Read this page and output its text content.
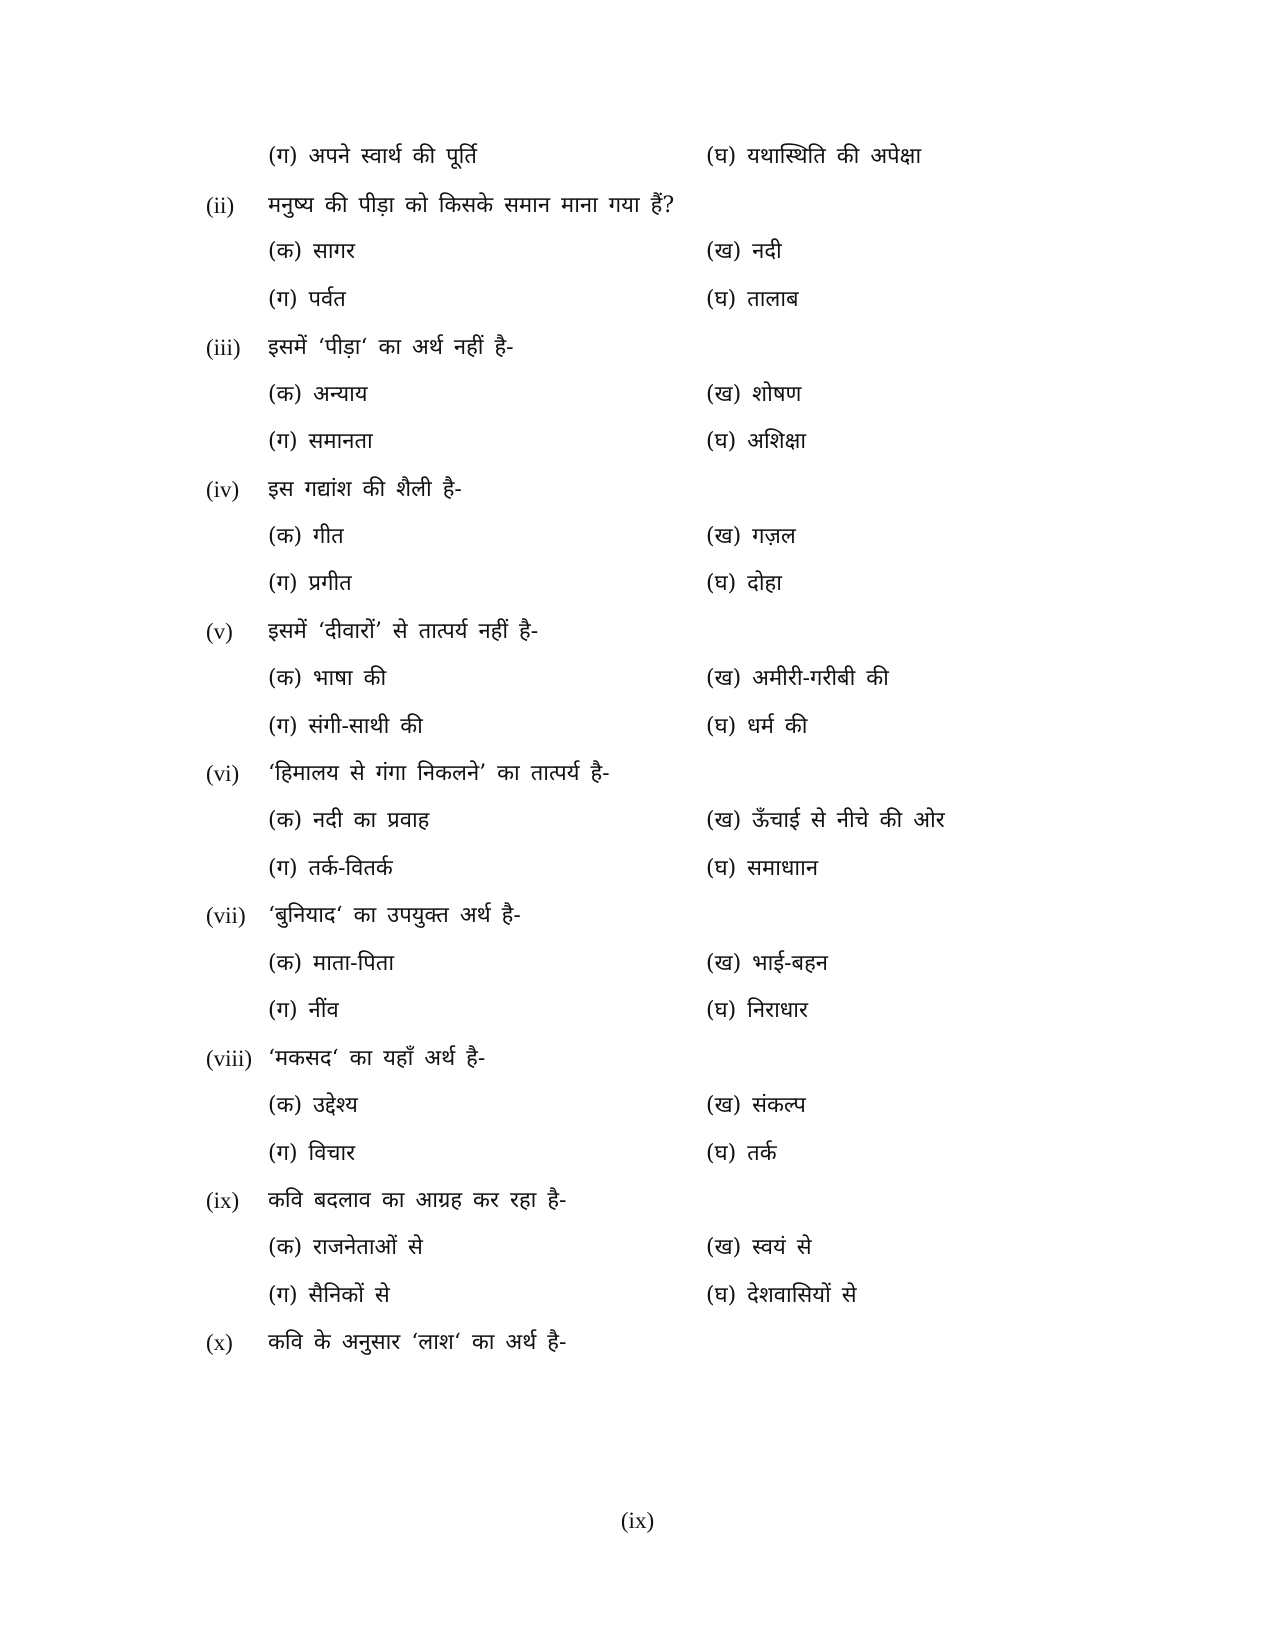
(ग) अपने स्वार्थ की पूर्ति	(घ) यथास्थिति की अपेक्षा
(ii) मनुष्य की पीड़ा को किसके समान माना गया हैं?
(क) सागर	(ख) नदी
(ग) पर्वत	(घ) तालाब
(iii) इसमें ‘पीड़ा‘ का अर्थ नहीं है-
(क) अन्याय	(ख) शोषण
(ग) समानता	(घ) अशिक्षा
(iv) इस गद्यांश की शैली है-
(क) गीत	(ख) गज़ल
(ग) प्रगीत	(घ) दोहा
(v) इसमें ‘दीवारों’ से तात्पर्य नहीं है-
(क) भाषा की	(ख) अमीरी-गरीबी की
(ग) संगी-साथी की	(घ) धर्म की
(vi) ‘हिमालय से गंगा निकलने’ का तात्पर्य है-
(क) नदी का प्रवाह	(ख) ऊँचाई से नीचे की ओर
(ग) तर्क-वितर्क	(घ) समाधाान
(vii) ‘बुनियाद‘ का उपयुक्त अर्थ है-
(क) माता-पिता	(ख) भाई-बहन
(ग) नींव	(घ) निराधार
(viii) ‘मकसद‘ का यहाँ अर्थ है-
(क) उद्देश्य	(ख) संकल्प
(ग) विचार	(घ) तर्क
(ix) कवि बदलाव का आग्रह कर रहा है-
(क) राजनेताओं से	(ख) स्वयं से
(ग) सैनिकों से	(घ) देशवासियों से
(x) कवि के अनुसार ‘लाश‘ का अर्थ है-
(ix)
